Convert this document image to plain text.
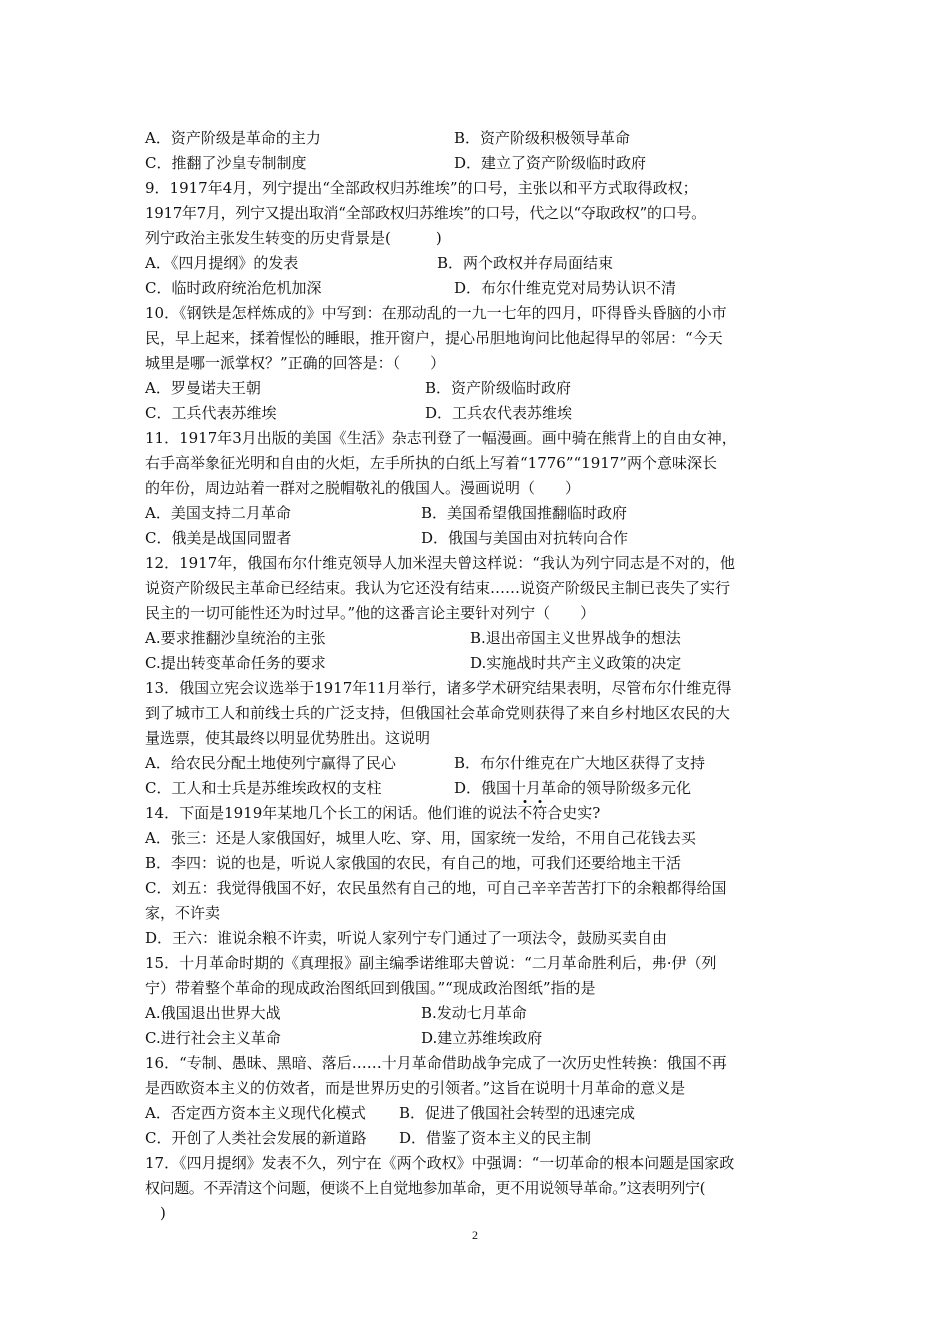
A．资产阶级是革命的主力	B．资产阶级积极领导革命
C．推翻了沙皇专制制度	D．建立了资产阶级临时政府
9．1917年4月，列宁提出“全部政权归苏维埃”的口号，主张以和平方式取得政权；
1917年7月，列宁又提出取消“全部政权归苏维埃”的口号，代之以“夺取政权”的口号。
列宁政治主张发生转变的历史背景是(　　　)
A．《四月提纲》的发表	B．两个政权并存局面结束
C．临时政府统治危机加深	D．布尔什维克党对局势认识不清
10．《钢铁是怎样炼成的》中写到：在那动乱的一九一七年的四月，吓得昏头昏脑的小市
民，早上起来，揉着惺忪的睡眼，推开窗户，提心吊胆地询问比他起得早的邻居：“今天
城里是哪一派掌权？”正确的回答是：（　　）
A．罗曼诺夫王朝	B．资产阶级临时政府
C．工兵代表苏维埃	D．工兵农代表苏维埃
11．1917年3月出版的美国《生活》杂志刊登了一幅漫画。画中骑在熊背上的自由女神，
右手高举象征光明和自由的火炬，左手所执的白纸上写着“1776”“1917”两个意味深长
的年份，周边站着一群对之脱帽敬礼的俄国人。漫画说明（　　）
A．美国支持二月革命	B．美国希望俄国推翻临时政府
C．俄美是战国同盟者	D．俄国与美国由对抗转向合作
12．1917年，俄国布尔什维克领导人加米涅夫曾这样说：“我认为列宁同志是不对的，他
说资产阶级民主革命已经结束。我认为它还没有结束……说资产阶级民主制已丧失了实行
民主的一切可能性还为时过早。”他的这番言论主要针对列宁（　　）
A.要求推翻沙皇统治的主张	B.退出帝国主义世界战争的想法
C.提出转变革命任务的要求	D.实施战时共产主义政策的决定
13．俄国立宪会议选举于1917年11月举行，诸多学术研究结果表明，尽管布尔什维克得
到了城市工人和前线士兵的广泛支持，但俄国社会革命党则获得了来自乡村地区农民的大
量选票，使其最终以明显优势胜出。这说明
A．给农民分配土地使列宁赢得了民心	B．布尔什维克在广大地区获得了支持
C．工人和士兵是苏维埃政权的支柱	D．俄国十月革命的领导阶级多元化
14．下面是1919年某地几个长工的闲话。他们谁的说法不符合史实?
A．张三：还是人家俄国好，城里人吃、穿、用，国家统一发给，不用自己花钱去买
B．李四：说的也是，听说人家俄国的农民，有自己的地，可我们还要给地主干活
C．刘五：我觉得俄国不好，农民虽然有自己的地，可自己辛辛苦苦打下的余粮都得给国
家，不许卖
D．王六：谁说余粮不许卖，听说人家列宁专门通过了一项法令，鼓励买卖自由
15．十月革命时期的《真理报》副主编季诺维耶夫曾说：“二月革命胜利后，弗·伊（列
宁）带着整个革命的现成政治图纸回到俄国。”“现成政治图纸”指的是
A.俄国退出世界大战	B.发动七月革命
C.进行社会主义革命	D.建立苏维埃政府
16．“专制、愚昧、黑暗、落后……十月革命借助战争完成了一次历史性转换：俄国不再
是西欧资本主义的仿效者，而是世界历史的引领者。”这旨在说明十月革命的意义是
A．否定西方资本主义现代化模式	B．促进了俄国社会转型的迅速完成
C．开创了人类社会发展的新道路	D．借鉴了资本主义的民主制
17．《四月提纲》发表不久，列宁在《两个政权》中强调：“一切革命的根本问题是国家政
权问题。不弄清这个问题，便谈不上自觉地参加革命，更不用说领导革命。”这表明列宁(
　)
2
